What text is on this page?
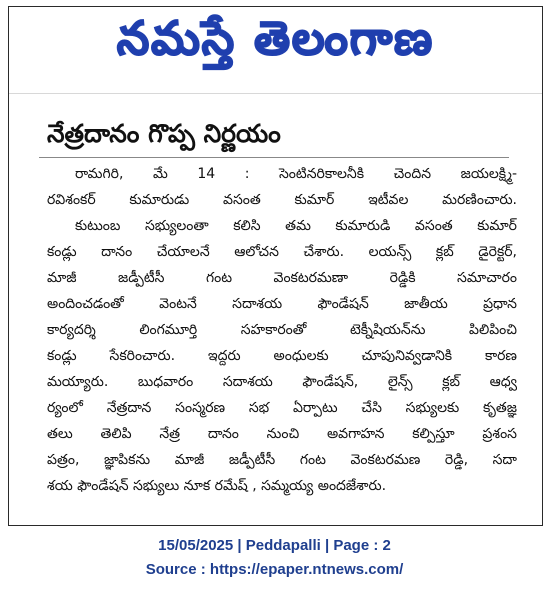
నమస్తే తెలంగాణ
నేత్రదానం గొప్ప నిర్ణయం
రామగిరి, మే 14 : సెంటినరికాలనీకి చెందిన జయలక్ష్మి-
రవిశంకర్ కుమారుడు వసంత కుమార్ ఇటీవల మరణించారు.
కుటుంబ సభ్యులంతా కలిసి తమ కుమారుడి వసంత కుమార్
కండ్లు దానం చేయాలనే ఆలోచన చేశారు. లయన్స్ క్లబ్ డైరెక్టర్,
మాజీ జడ్పీటీసీ గంట వెంకటరమణా రెడ్డికి సమాచారం
అందించడంతో వెంటనే సదాశయ ఫౌండేషన్ జాతీయ ప్రధాన
కార్యదర్శి లింగమూర్తి సహకారంతో టెక్నీషియన్‌ను పిలిపించి
కండ్లు సేకరించారు. ఇద్దరు అంధులకు చూపునివ్వడానికి కారణ
మయ్యారు. బుధవారం సదాశయ ఫౌండేషన్, లైన్స్ క్లబ్ ఆధ్వ
ర్యంలో నేత్రదాన సంస్మరణ సభ ఏర్పాటు చేసి సభ్యులకు కృతజ్ఞ
తలు తెలిపి నేత్ర దానం నుంచి అవగాహన కల్పిస్తూ ప్రశంస
పత్రం, జ్ఞాపికను మాజీ జడ్పీటీసీ గంట వెంకటరమణ రెడ్డి, సదా
శయ ఫౌండేషన్ సభ్యులు నూక రమేష్ , సమ్మయ్య అందజేశారు.
15/05/2025 | Peddapalli | Page : 2
Source : https://epaper.ntnews.com/
